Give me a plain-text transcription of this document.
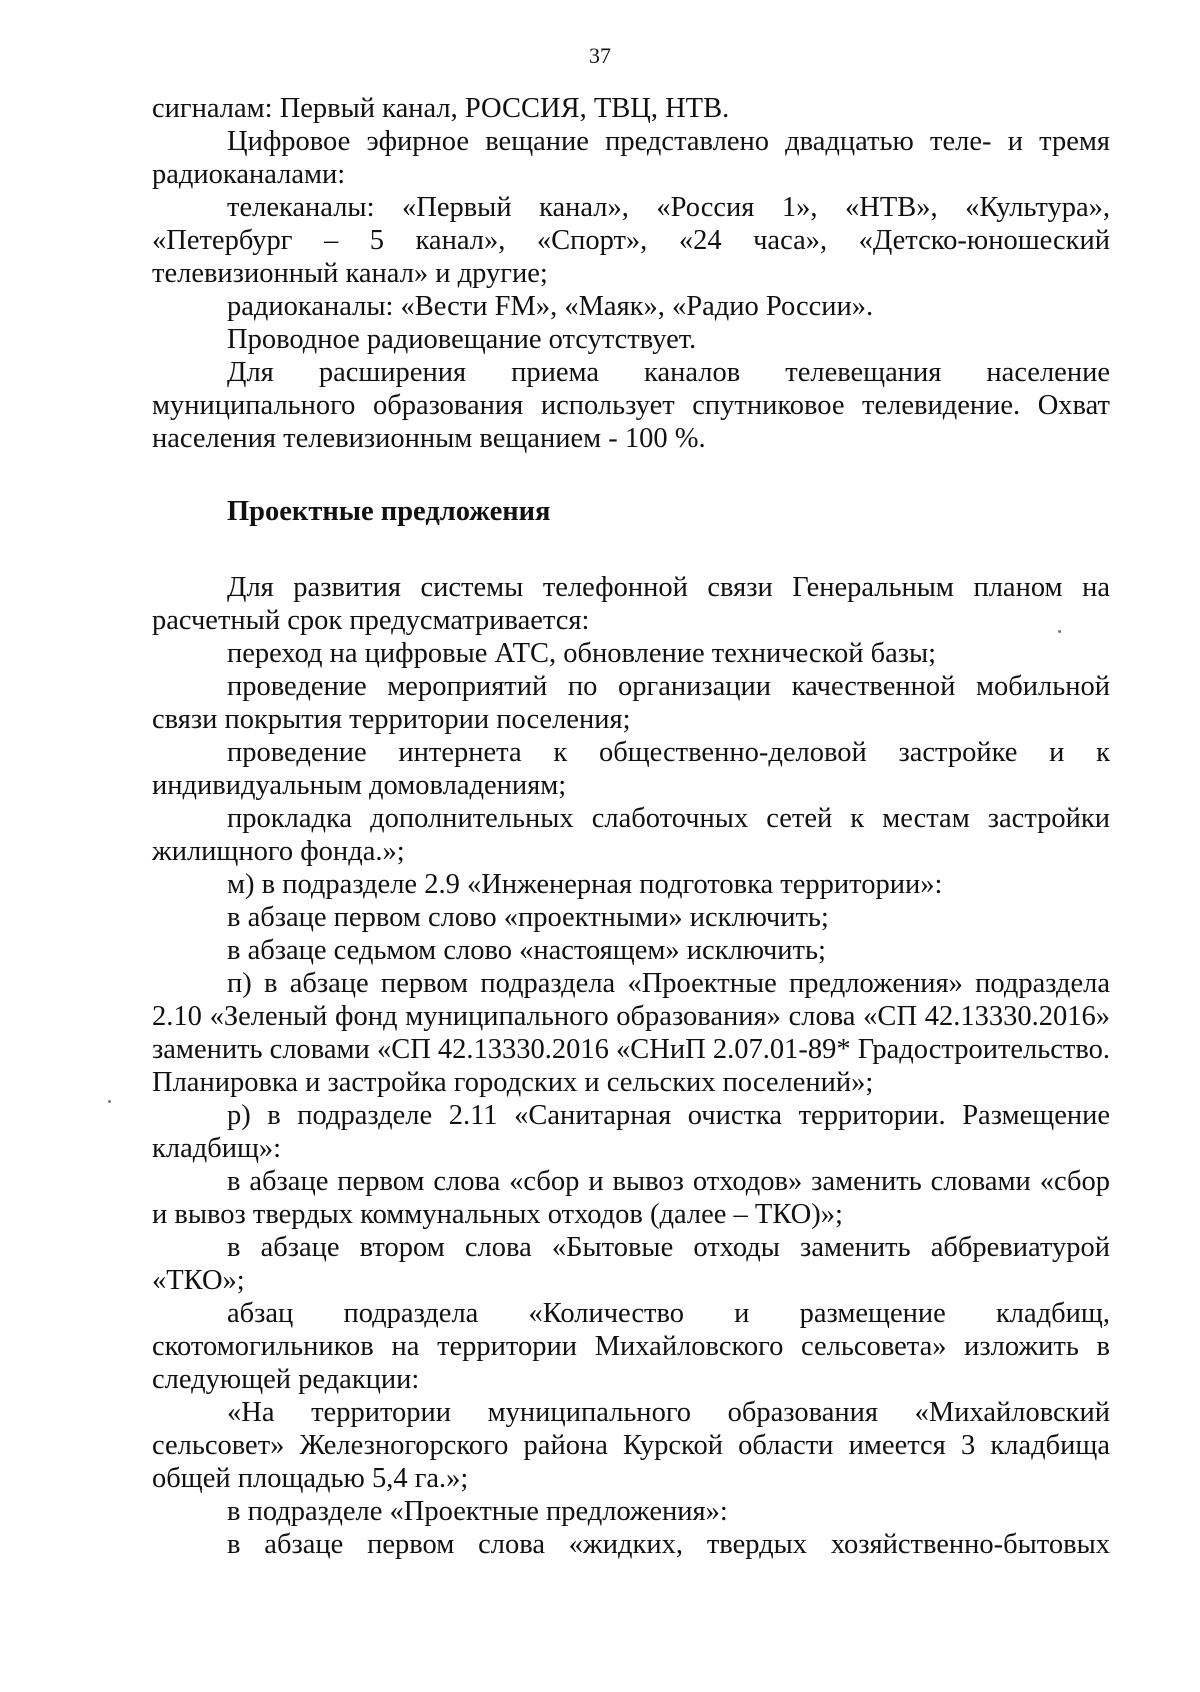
37

сигналам: Первый канал, РОССИЯ, ТВЦ, НТВ.

Цифровое эфирное вещание представлено двадцатью теле- и тремя радиоканалами:

телеканалы: «Первый канал», «Россия 1», «НТВ», «Культура», «Петербург – 5 канал», «Спорт», «24 часа», «Детско-юношеский телевизионный канал» и другие;

радиоканалы: «Вести FM», «Маяк», «Радио России».

Проводное радиовещание отсутствует.

Для расширения приема каналов телевещания население муниципального образования использует спутниковое телевидение. Охват населения телевизионным вещанием - 100 %.

Проектные предложения

Для развития системы телефонной связи Генеральным планом на расчетный срок предусматривается:

переход на цифровые АТС, обновление технической базы;

проведение мероприятий по организации качественной мобильной связи покрытия территории поселения;

проведение интернета к общественно-деловой застройке и к индивидуальным домовладениям;

прокладка дополнительных слаботочных сетей к местам застройки жилищного фонда.»;

м) в подразделе 2.9 «Инженерная подготовка территории»:

в абзаце первом слово «проектными» исключить;

в абзаце седьмом слово «настоящем» исключить;

п) в абзаце первом подраздела «Проектные предложения» подраздела 2.10 «Зеленый фонд муниципального образования» слова «СП 42.13330.2016» заменить словами «СП 42.13330.2016 «СНиП 2.07.01-89* Градостроительство. Планировка и застройка городских и сельских поселений»;

р) в подразделе 2.11 «Санитарная очистка территории. Размещение кладбищ»:

в абзаце первом слова «сбор и вывоз отходов» заменить словами «сбор и вывоз твердых коммунальных отходов (далее – ТКО)»;

в абзаце втором слова «Бытовые отходы заменить аббревиатурой «ТКО»;

абзац подраздела «Количество и размещение кладбищ, скотомогильников на территории Михайловского сельсовета» изложить в следующей редакции:

«На территории муниципального образования «Михайловский сельсовет» Железногорского района Курской области имеется 3 кладбища общей площадью 5,4 га.»;

в подразделе «Проектные предложения»:

в абзаце первом слова «жидких, твердых хозяйственно-бытовых
